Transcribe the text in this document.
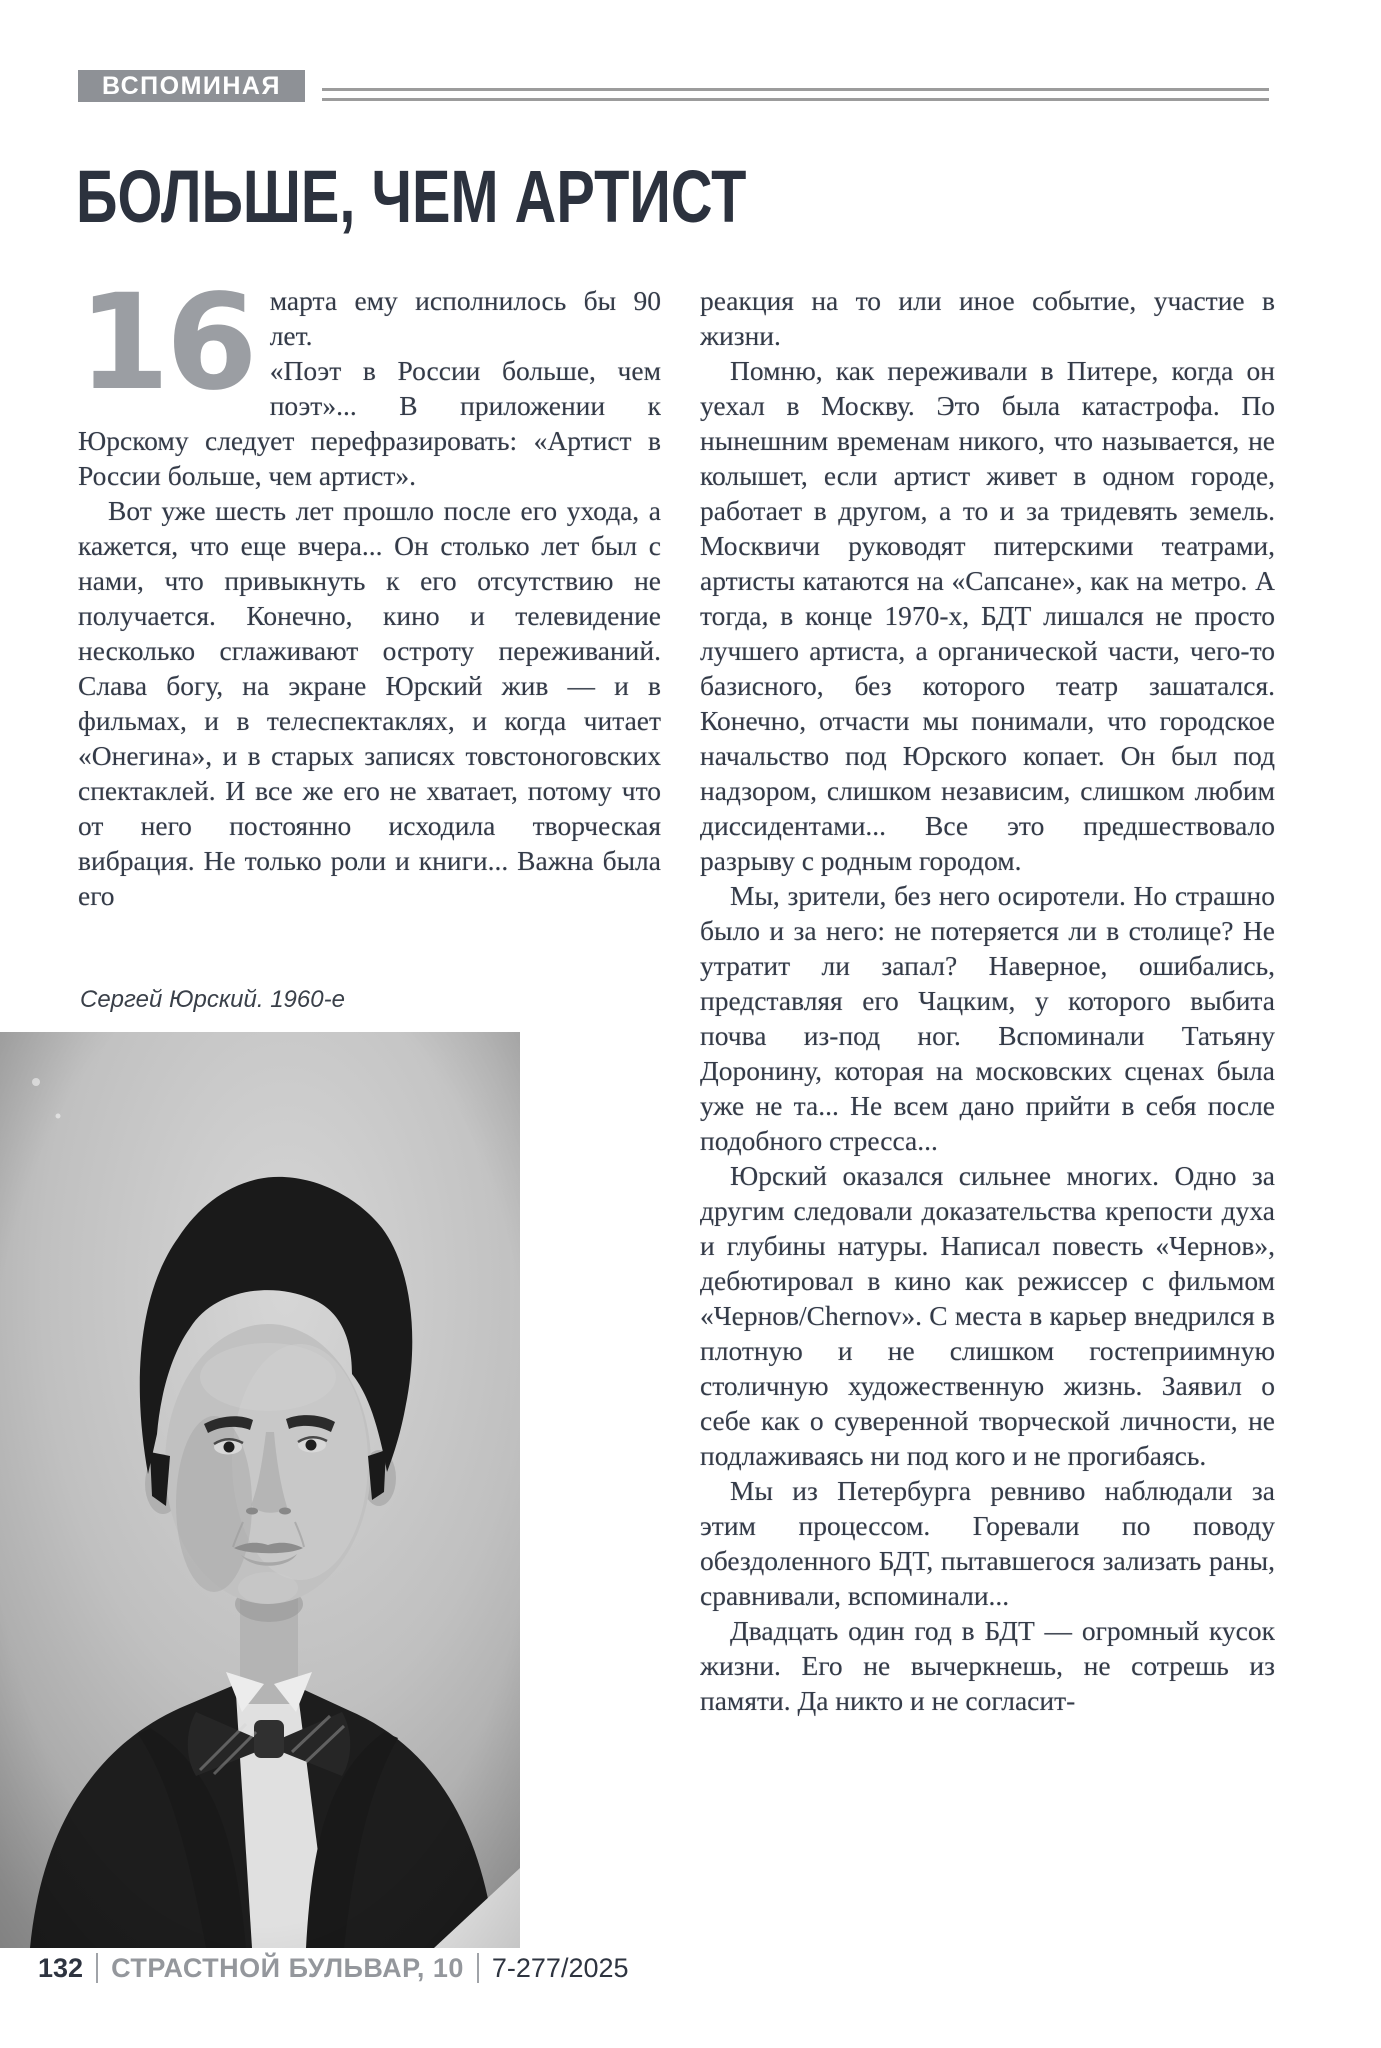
ВСПОМИНАЯ
БОЛЬШЕ, ЧЕМ АРТИСТ
16 марта ему исполнилось бы 90 лет.

«Поэт в России больше, чем поэт»... В приложении к Юрскому следует перефразировать: «Артист в России больше, чем артист».

Вот уже шесть лет прошло после его ухода, а кажется, что еще вчера... Он столько лет был с нами, что привыкнуть к его отсутствию не получается. Конечно, кино и телевидение несколько сглаживают остроту переживаний. Слава богу, на экране Юрский жив — и в фильмах, и в телеспектаклях, и когда читает «Онегина», и в старых записях товстоноговских спектаклей. И все же его не хватает, потому что от него постоянно исходила творческая вибрация. Не только роли и книги... Важна была его

Сергей Юрский. 1960-е

реакция на то или иное событие, участие в жизни.

Помню, как переживали в Питере, когда он уехал в Москву. Это была катастрофа. По нынешним временам никого, что называется, не колышет, если артист живет в одном городе, работает в другом, а то и за тридевять земель. Москвичи руководят питерскими театрами, артисты катаются на «Сапсане», как на метро. А тогда, в конце 1970-х, БДТ лишался не просто лучшего артиста, а органической части, чего-то базисного, без которого театр зашатался. Конечно, отчасти мы понимали, что городское начальство под Юрского копает. Он был под надзором, слишком независим, слишком любим диссидентами... Все это предшествовало разрыву с родным городом.

Мы, зрители, без него осиротели. Но страшно было и за него: не потеряется ли в столице? Не утратит ли запал? Наверное, ошибались, представляя его Чацким, у которого выбита почва из-под ног. Вспоминали Татьяну Доронину, которая на московских сценах была уже не та... Не всем дано прийти в себя после подобного стресса...

Юрский оказался сильнее многих. Одно за другим следовали доказательства крепости духа и глубины натуры. Написал повесть «Чернов», дебютировал в кино как режиссер с фильмом «Чернов/Chernov». С места в карьер внедрился в плотную и не слишком гостеприимную столичную художественную жизнь. Заявил о себе как о суверенной творческой личности, не подлаживаясь ни под кого и не прогибаясь.

Мы из Петербурга ревниво наблюдали за этим процессом. Горевали по поводу обездоленного БДТ, пытавшегося зализать раны, сравнивали, вспоминали...

Двадцать один год в БДТ — огромный кусок жизни. Его не вычеркнешь, не сотрешь из памяти. Да никто и не согласит-

132 СТРАСТНОЙ БУЛЬВАР, 10 7-277/2025
